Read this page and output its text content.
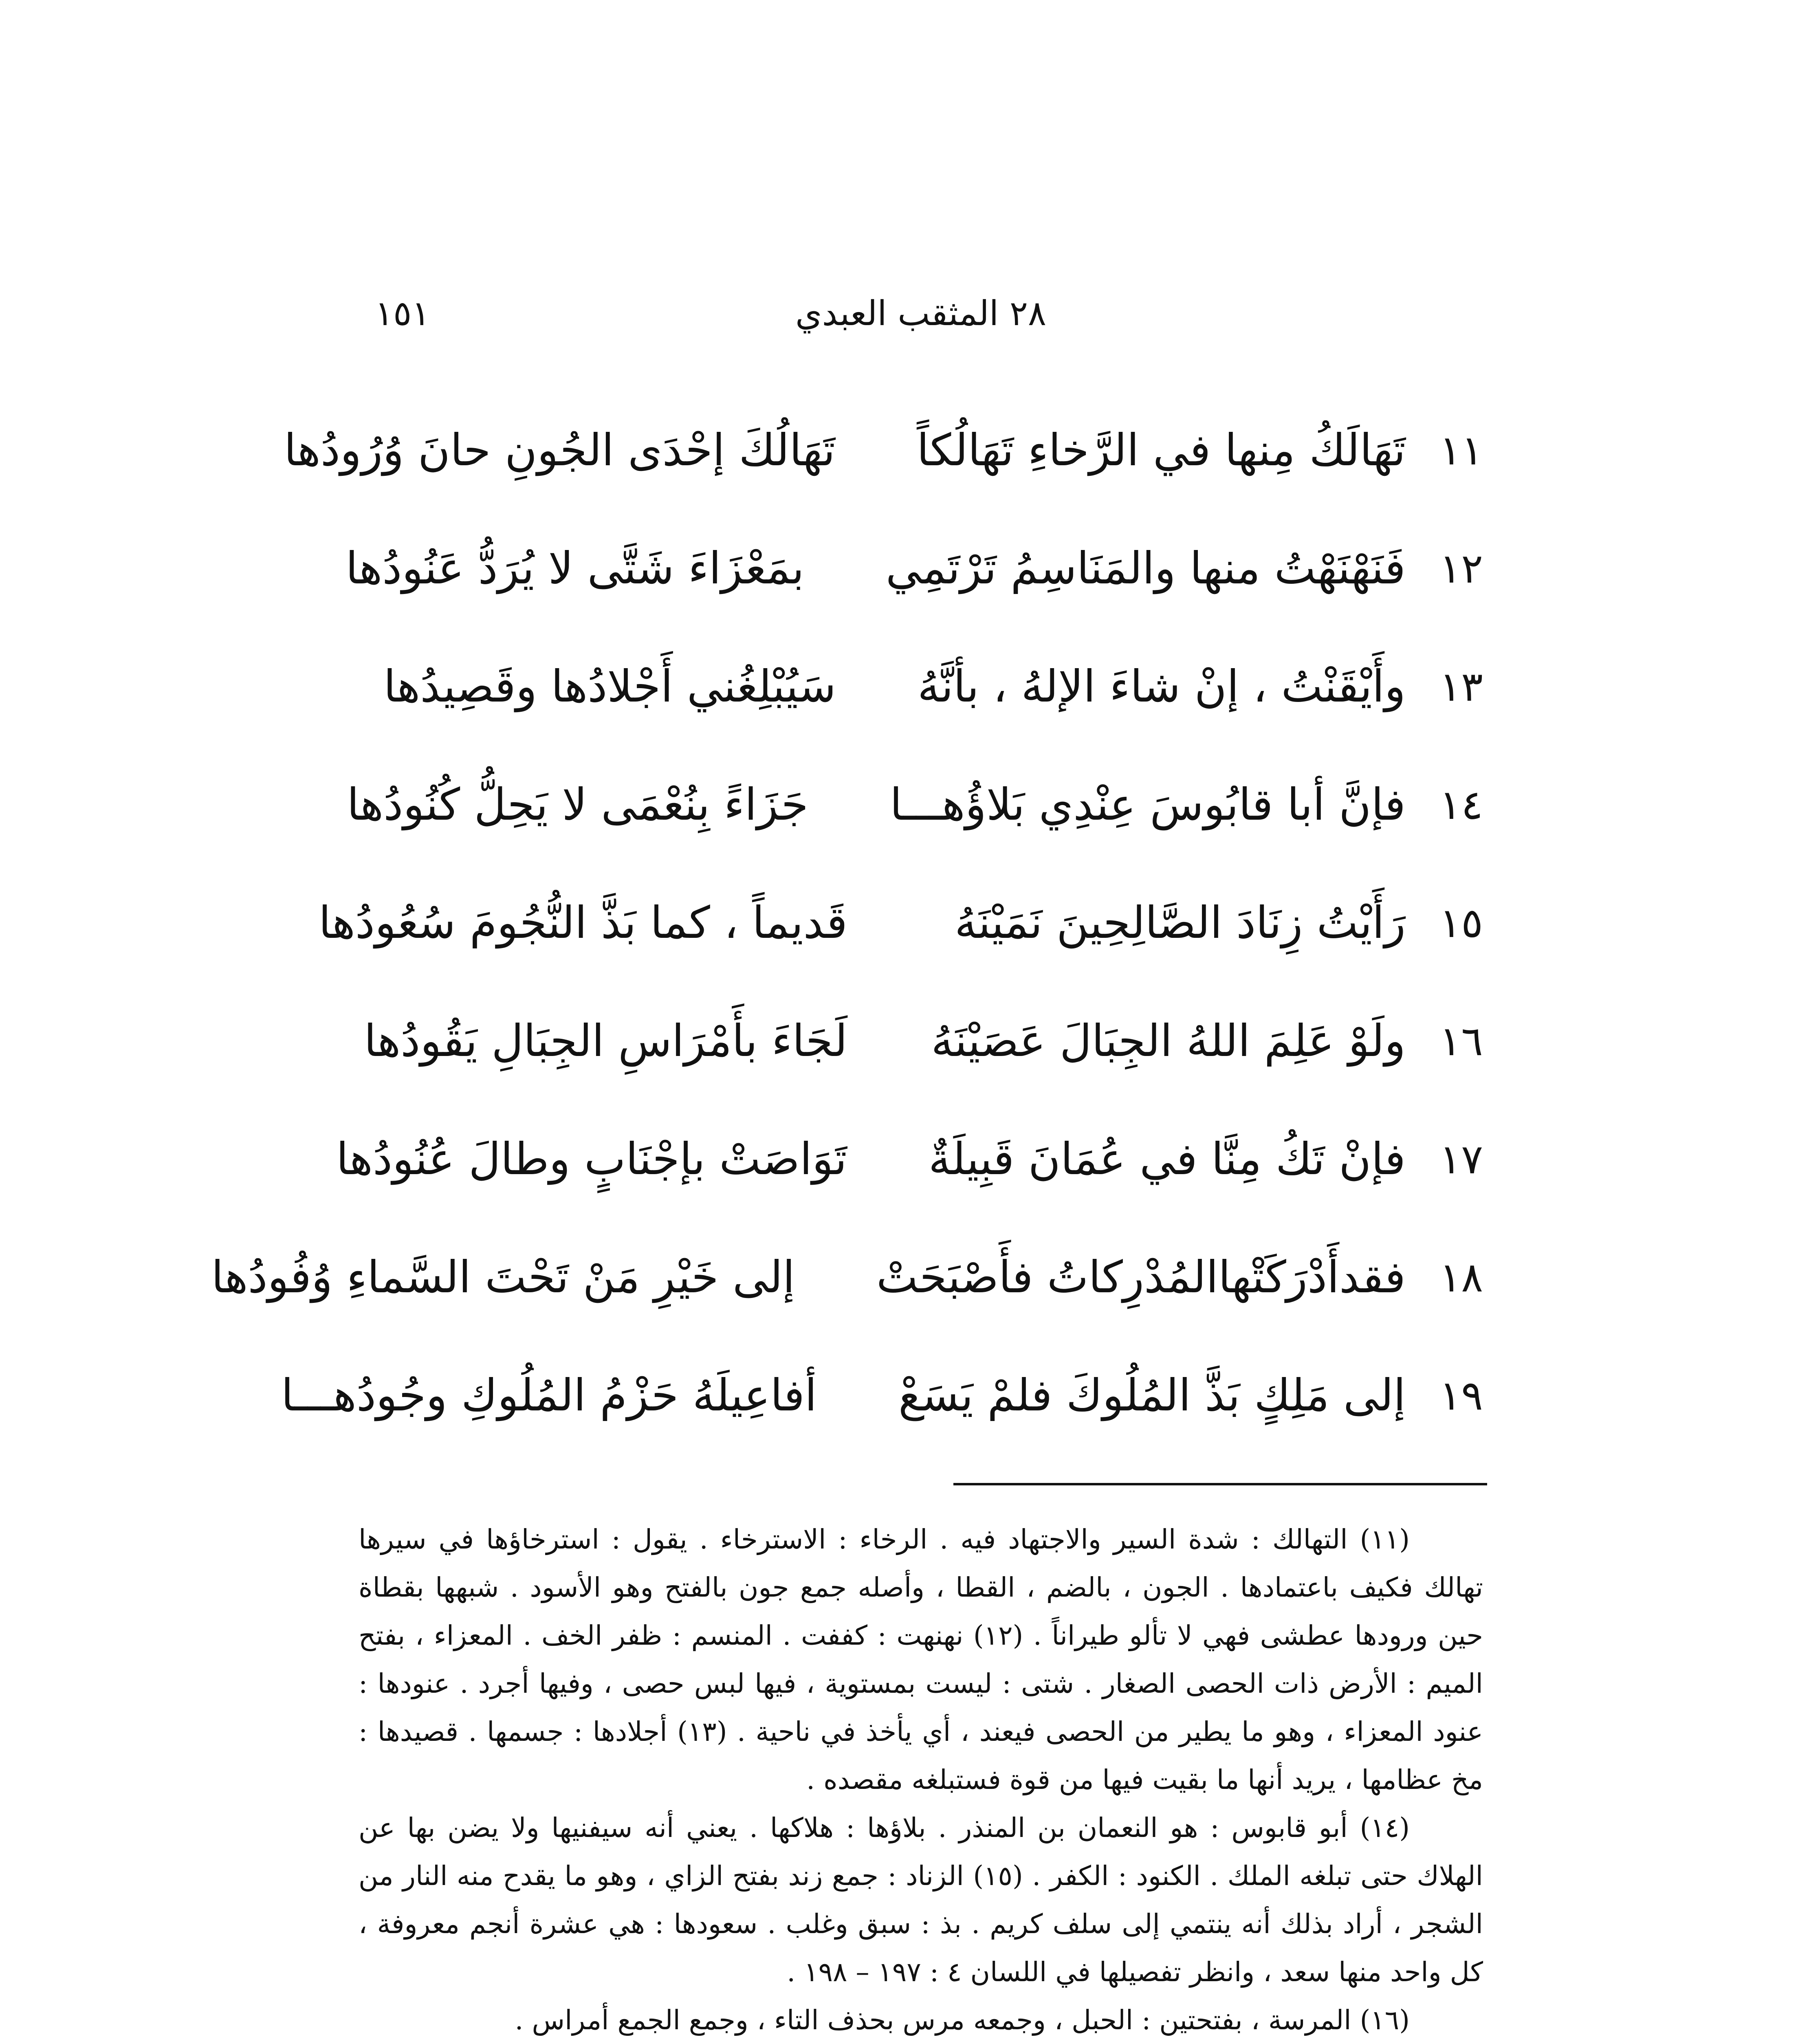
١٥١	٢٨ المثقب العبدي
١١
تَهَالَكُ مِنها في الرَّخاءِ تَهَالُكاً
تَهَالُكَ إحْدَى الجُونِ حانَ وُرُودُها
١٢
فَنَهْنَهْتُ منها والمَنَاسِمُ تَرْتَمِي
بمَعْزَاءَ شَتَّى لا يُرَدُّ عَنُودُها
١٣
وأَيْقَنْتُ ، إنْ شاءَ الإلهُ ، بأنَّهُ
سَيُبْلِغُني أَجْلادُها وقَصِيدُها
١٤
فإنَّ أبا قابُوسَ عِنْدِي بَلاؤُهـــا
جَزَاءً بِنُعْمَى لا يَحِلُّ كُنُودُها
١٥
رَأَيْتُ زِنَادَ الصَّالِحِينَ نَمَيْنَهُ
قَديماً ، كما بَذَّ النُّجُومَ سُعُودُها
١٦
ولَوْ عَلِمَ اللهُ الجِبَالَ عَصَيْنَهُ
لَجَاءَ بأَمْرَاسِ الجِبَالِ يَقُودُها
١٧
فإنْ تَكُ مِنَّا في عُمَانَ قَبِيلَةٌ
تَوَاصَتْ بإجْنَابٍ وطالَ عُنُودُها
١٨
فقدأَدْرَكَتْهاالمُدْرِكاتُ فأَصْبَحَتْ
إلى خَيْرِ مَنْ تَحْتَ السَّماءِ وُفُودُها
١٩
إلى مَلِكٍ بَذَّ المُلُوكَ فلمْ يَسَعْ
أفاعِيلَهُ حَزْمُ المُلُوكِ وجُودُهـــا

(١١) التهالك : شدة السير والاجتهاد فيه . الرخاء : الاسترخاء . يقول : استرخاؤها في سيرها تهالك فكيف باعتمادها . الجون ، بالضم ، القطا ، وأصله جمع جون بالفتح وهو الأسود . شبهها بقطاة حين ورودها عطشى فهي لا تألو طيراناً . (١٢) نهنهت : كففت . المنسم : ظفر الخف . المعزاء ، بفتح الميم : الأرض ذات الحصى الصغار . شتى : ليست بمستوية ، فيها لبس حصى ، وفيها أجرد . عنودها : عنود المعزاء ، وهو ما يطير من الحصى فيعند ، أي يأخذ في ناحية . (١٣) أجلادها : جسمها . قصيدها : مخ عظامها ، يريد أنها ما بقيت فيها من قوة فستبلغه مقصده .

(١٤) أبو قابوس : هو النعمان بن المنذر . بلاؤها : هلاكها . يعني أنه سيفنيها ولا يضن بها عن الهلاك حتى تبلغه الملك . الكنود : الكفر . (١٥) الزناد : جمع زند بفتح الزاي ، وهو ما يقدح منه النار من الشجر ، أراد بذلك أنه ينتمي إلى سلف كريم . بذ : سبق وغلب . سعودها : هي عشرة أنجم معروفة ، كل واحد منها سعد ، وانظر تفصيلها في اللسان ٤ : ١٩٧ – ١٩٨ .

(١٦) المرسة ، بفتحتين : الحبل ، وجمعه مرس بحذف التاء ، وجمع الجمع أمراس .
